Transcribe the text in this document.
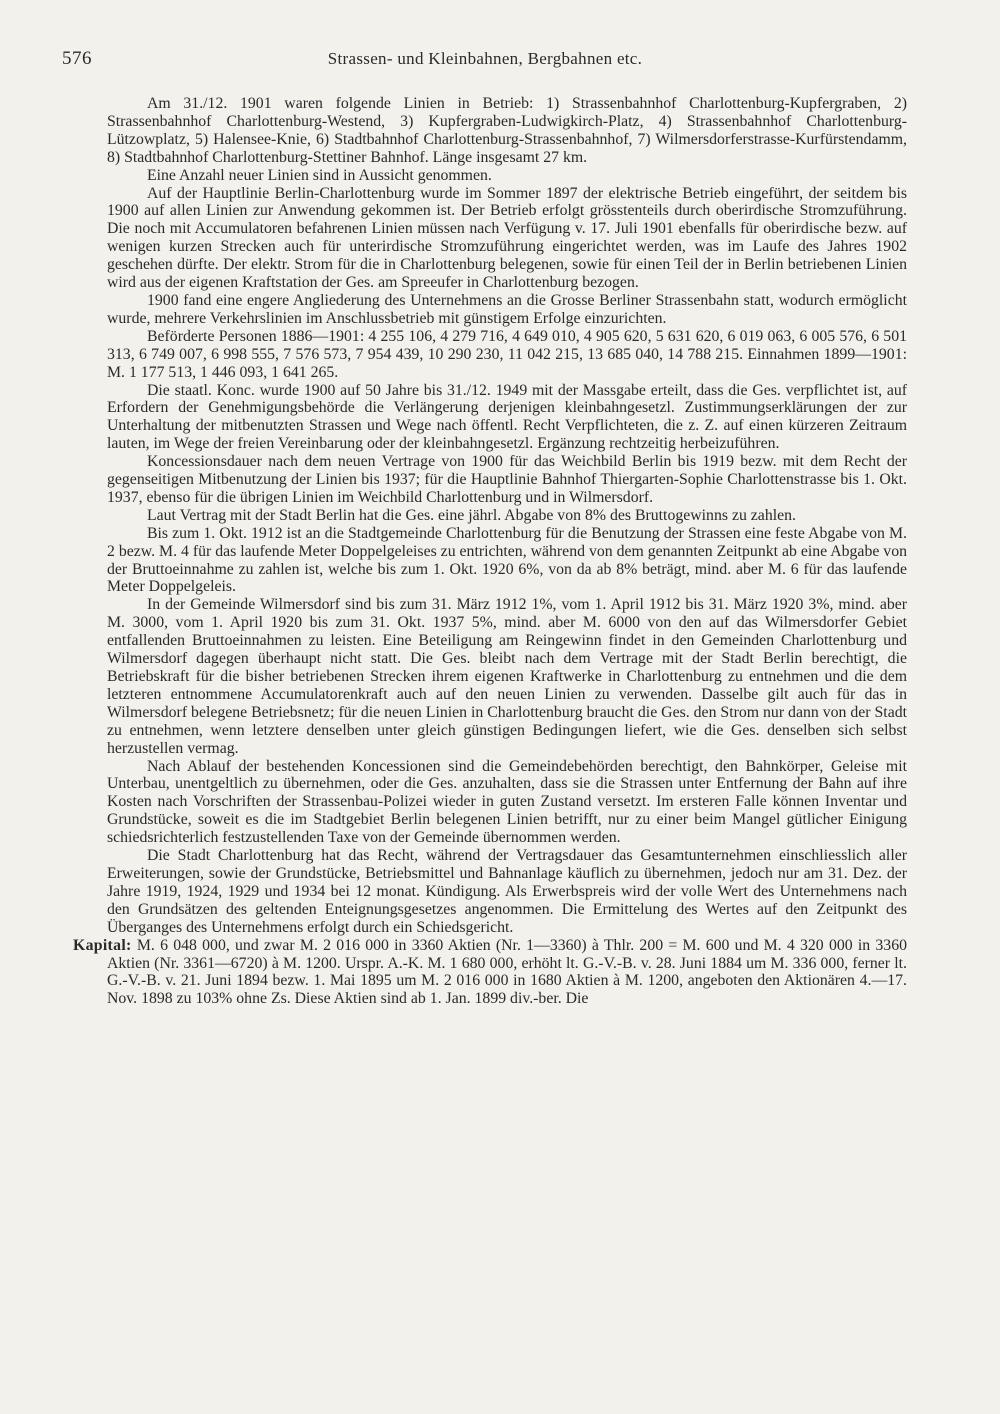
576	Strassen- und Kleinbahnen, Bergbahnen etc.

Am 31./12. 1901 waren folgende Linien in Betrieb: 1) Strassenbahnhof Charlottenburg-Kupfergraben, 2) Strassenbahnhof Charlottenburg-Westend, 3) Kupfergraben-Ludwigkirch-Platz, 4) Strassenbahnhof Charlottenburg-Lützowplatz, 5) Halensee-Knie, 6) Stadtbahnhof Charlottenburg-Strassenbahnhof, 7) Wilmersdorferstrasse-Kurfürstendamm, 8) Stadtbahnhof Charlottenburg-Stettiner Bahnhof. Länge insgesamt 27 km.

Eine Anzahl neuer Linien sind in Aussicht genommen.

Auf der Hauptlinie Berlin-Charlottenburg wurde im Sommer 1897 der elektrische Betrieb eingeführt, der seitdem bis 1900 auf allen Linien zur Anwendung gekommen ist. Der Betrieb erfolgt grösstenteils durch oberirdische Stromzuführung. Die noch mit Accumulatoren befahrenen Linien müssen nach Verfügung v. 17. Juli 1901 ebenfalls für oberirdische bezw. auf wenigen kurzen Strecken auch für unterirdische Stromzuführung eingerichtet werden, was im Laufe des Jahres 1902 geschehen dürfte. Der elektr. Strom für die in Charlottenburg belegenen, sowie für einen Teil der in Berlin betriebenen Linien wird aus der eigenen Kraftstation der Ges. am Spreeufer in Charlottenburg bezogen.

1900 fand eine engere Angliederung des Unternehmens an die Grosse Berliner Strassenbahn statt, wodurch ermöglicht wurde, mehrere Verkehrslinien im Anschlussbetrieb mit günstigem Erfolge einzurichten.

Beförderte Personen 1886—1901: 4 255 106, 4 279 716, 4 649 010, 4 905 620, 5 631 620, 6 019 063, 6 005 576, 6 501 313, 6 749 007, 6 998 555, 7 576 573, 7 954 439, 10 290 230, 11 042 215, 13 685 040, 14 788 215. Einnahmen 1899—1901: M. 1 177 513, 1 446 093, 1 641 265.

Die staatl. Konc. wurde 1900 auf 50 Jahre bis 31./12. 1949 mit der Massgabe erteilt, dass die Ges. verpflichtet ist, auf Erfordern der Genehmigungsbehörde die Verlängerung derjenigen kleinbahngesetzl. Zustimmungserklärungen der zur Unterhaltung der mitbenutzten Strassen und Wege nach öffentl. Recht Verpflichteten, die z. Z. auf einen kürzeren Zeitraum lauten, im Wege der freien Vereinbarung oder der kleinbahngesetzl. Ergänzung rechtzeitig herbeizuführen.

Koncessionsdauer nach dem neuen Vertrage von 1900 für das Weichbild Berlin bis 1919 bezw. mit dem Recht der gegenseitigen Mitbenutzung der Linien bis 1937; für die Hauptlinie Bahnhof Thiergarten-Sophie Charlottenstrasse bis 1. Okt. 1937, ebenso für die übrigen Linien im Weichbild Charlottenburg und in Wilmersdorf.

Laut Vertrag mit der Stadt Berlin hat die Ges. eine jährl. Abgabe von 8% des Bruttogewinns zu zahlen.

Bis zum 1. Okt. 1912 ist an die Stadtgemeinde Charlottenburg für die Benutzung der Strassen eine feste Abgabe von M. 2 bezw. M. 4 für das laufende Meter Doppelgeleises zu entrichten, während von dem genannten Zeitpunkt ab eine Abgabe von der Bruttoeinnahme zu zahlen ist, welche bis zum 1. Okt. 1920 6%, von da ab 8% beträgt, mind. aber M. 6 für das laufende Meter Doppelgeleis.

In der Gemeinde Wilmersdorf sind bis zum 31. März 1912 1%, vom 1. April 1912 bis 31. März 1920 3%, mind. aber M. 3000, vom 1. April 1920 bis zum 31. Okt. 1937 5%, mind. aber M. 6000 von den auf das Wilmersdorfer Gebiet entfallenden Bruttoeinnahmen zu leisten. Eine Beteiligung am Reingewinn findet in den Gemeinden Charlottenburg und Wilmersdorf dagegen überhaupt nicht statt. Die Ges. bleibt nach dem Vertrage mit der Stadt Berlin berechtigt, die Betriebskraft für die bisher betriebenen Strecken ihrem eigenen Kraftwerke in Charlottenburg zu entnehmen und die dem letzteren entnommene Accumulatorenkraft auch auf den neuen Linien zu verwenden. Dasselbe gilt auch für das in Wilmersdorf belegene Betriebsnetz; für die neuen Linien in Charlottenburg braucht die Ges. den Strom nur dann von der Stadt zu entnehmen, wenn letztere denselben unter gleich günstigen Bedingungen liefert, wie die Ges. denselben sich selbst herzustellen vermag.

Nach Ablauf der bestehenden Koncessionen sind die Gemeindebehörden berechtigt, den Bahnkörper, Geleise mit Unterbau, unentgeltlich zu übernehmen, oder die Ges. anzuhalten, dass sie die Strassen unter Entfernung der Bahn auf ihre Kosten nach Vorschriften der Strassenbau-Polizei wieder in guten Zustand versetzt. Im ersteren Falle können Inventar und Grundstücke, soweit es die im Stadtgebiet Berlin belegenen Linien betrifft, nur zu einer beim Mangel gütlicher Einigung schiedsrichterlich festzustellenden Taxe von der Gemeinde übernommen werden.

Die Stadt Charlottenburg hat das Recht, während der Vertragsdauer das Gesamtunternehmen einschliesslich aller Erweiterungen, sowie der Grundstücke, Betriebsmittel und Bahnanlage käuflich zu übernehmen, jedoch nur am 31. Dez. der Jahre 1919, 1924, 1929 und 1934 bei 12 monat. Kündigung. Als Erwerbspreis wird der volle Wert des Unternehmens nach den Grundsätzen des geltenden Enteignungsgesetzes angenommen. Die Ermittelung des Wertes auf den Zeitpunkt des Überganges des Unternehmens erfolgt durch ein Schiedsgericht.

Kapital: M. 6 048 000, und zwar M. 2 016 000 in 3360 Aktien (Nr. 1—3360) à Thlr. 200 = M. 600 und M. 4 320 000 in 3360 Aktien (Nr. 3361—6720) à M. 1200. Urspr. A.-K. M. 1 680 000, erhöht lt. G.-V.-B. v. 28. Juni 1884 um M. 336 000, ferner lt. G.-V.-B. v. 21. Juni 1894 bezw. 1. Mai 1895 um M. 2 016 000 in 1680 Aktien à M. 1200, angeboten den Aktionären 4.—17. Nov. 1898 zu 103% ohne Zs. Diese Aktien sind ab 1. Jan. 1899 div.-ber. Die
